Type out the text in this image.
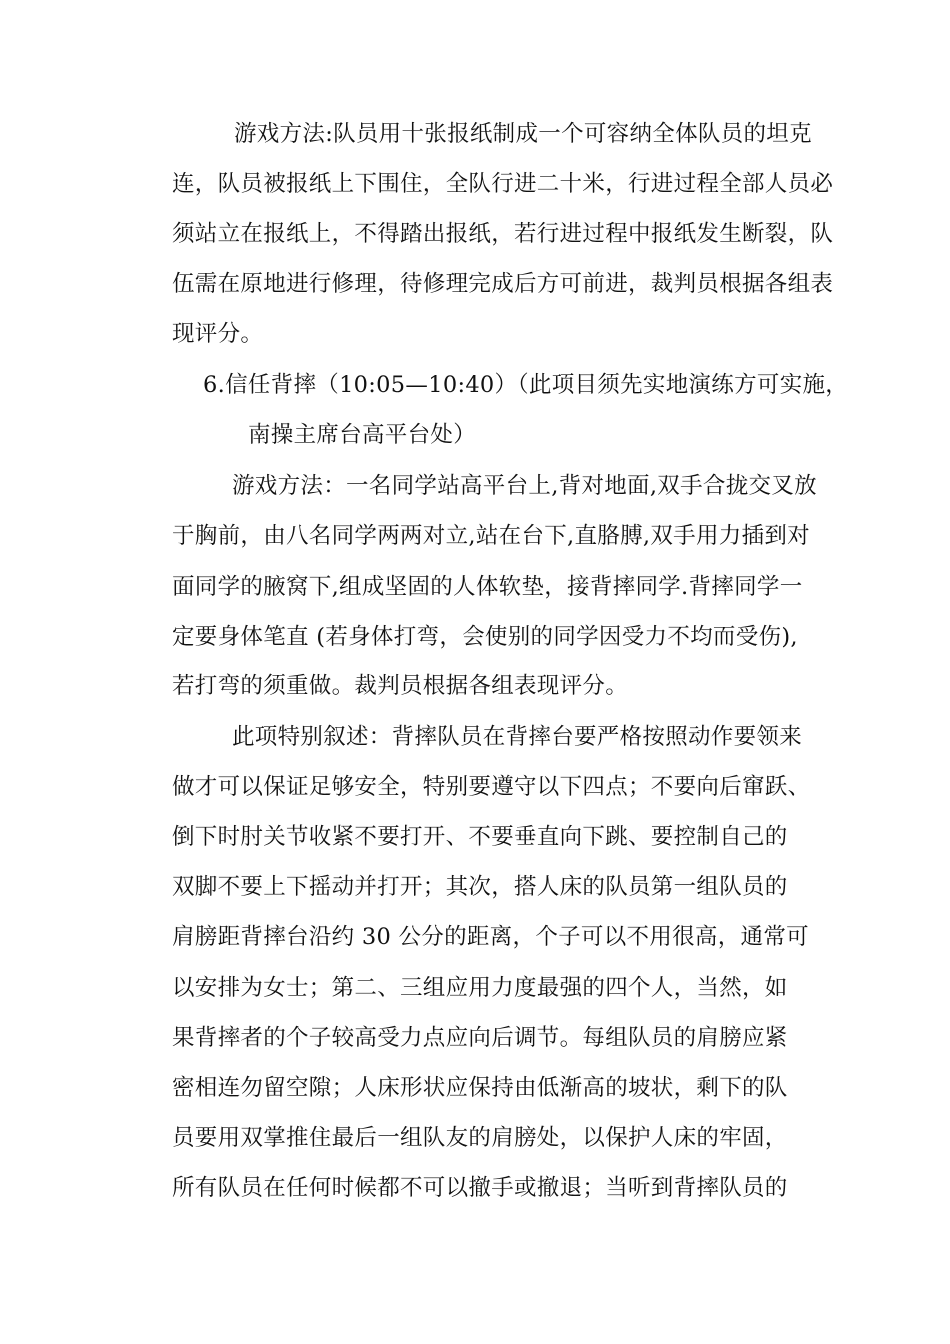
游戏方法:队员用十张报纸制成一个可容纳全体队员的坦克
连，队员被报纸上下围住，全队行进二十米，行进过程全部人员必
须站立在报纸上，不得踏出报纸，若行进过程中报纸发生断裂，队
伍需在原地进行修理，待修理完成后方可前进，裁判员根据各组表
现评分。
6.信任背摔（10:05—10:40）（此项目须先实地演练方可实施，
南操主席台高平台处）
游戏方法：一名同学站高平台上,背对地面,双手合拢交叉放
于胸前，由八名同学两两对立,站在台下,直胳膊,双手用力插到对
面同学的腋窝下,组成坚固的人体软垫，接背摔同学.背摔同学一
定要身体笔直 (若身体打弯，会使别的同学因受力不均而受伤),
若打弯的须重做。裁判员根据各组表现评分。
此项特别叙述：背摔队员在背摔台要严格按照动作要领来
做才可以保证足够安全，特别要遵守以下四点；不要向后窜跃、
倒下时肘关节收紧不要打开、不要垂直向下跳、要控制自己的
双脚不要上下摇动并打开；其次，搭人床的队员第一组队员的
肩膀距背摔台沿约 30 公分的距离，个子可以不用很高，通常可
以安排为女士；第二、三组应用力度最强的四个人，当然，如
果背摔者的个子较高受力点应向后调节。每组队员的肩膀应紧
密相连勿留空隙；人床形状应保持由低渐高的坡状，剩下的队
员要用双掌推住最后一组队友的肩膀处，以保护人床的牢固，
所有队员在任何时候都不可以撤手或撤退；当听到背摔队员的
